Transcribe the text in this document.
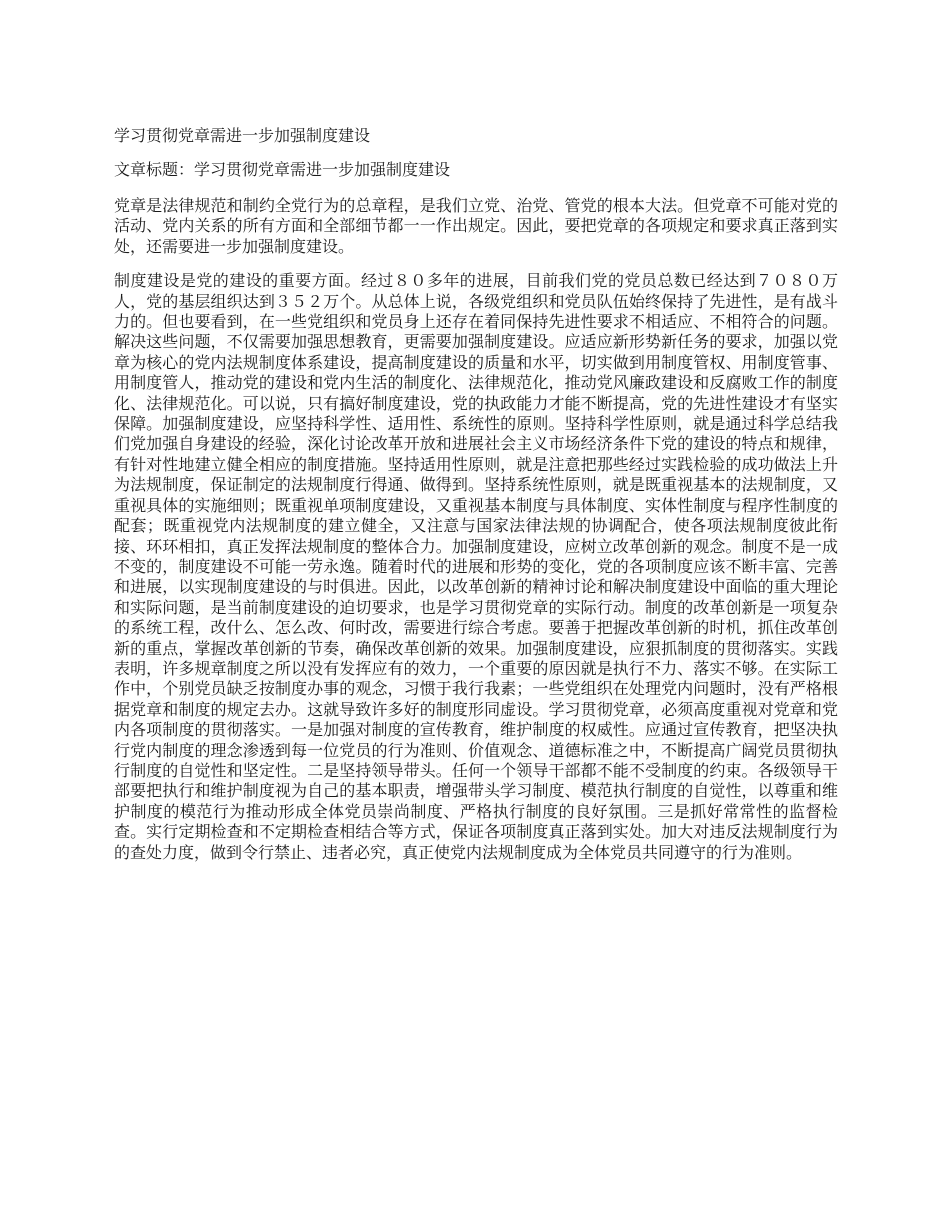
学习贯彻党章需进一步加强制度建设

文章标题：学习贯彻党章需进一步加强制度建设

党章是法律规范和制约全党行为的总章程，是我们立党、治党、管党的根本大法。但党章不可能对党的活动、党内关系的所有方面和全部细节都一一作出规定。因此，要把党章的各项规定和要求真正落到实处，还需要进一步加强制度建设。

制度建设是党的建设的重要方面。经过８０多年的进展，目前我们党的党员总数已经达到７０８０万人，党的基层组织达到３５２万个。从总体上说，各级党组织和党员队伍始终保持了先进性，是有战斗力的。但也要看到，在一些党组织和党员身上还存在着同保持先进性要求不相适应、不相符合的问题。解决这些问题，不仅需要加强思想教育，更需要加强制度建设。应适应新形势新任务的要求，加强以党章为核心的党内法规制度体系建设，提高制度建设的质量和水平，切实做到用制度管权、用制度管事、用制度管人，推动党的建设和党内生活的制度化、法律规范化，推动党风廉政建设和反腐败工作的制度化、法律规范化。可以说，只有搞好制度建设，党的执政能力才能不断提高，党的先进性建设才有坚实保障。加强制度建设，应坚持科学性、适用性、系统性的原则。坚持科学性原则，就是通过科学总结我们党加强自身建设的经验，深化讨论改革开放和进展社会主义市场经济条件下党的建设的特点和规律，有针对性地建立健全相应的制度措施。坚持适用性原则，就是注意把那些经过实践检验的成功做法上升为法规制度，保证制定的法规制度行得通、做得到。坚持系统性原则，就是既重视基本的法规制度，又重视具体的实施细则；既重视单项制度建设，又重视基本制度与具体制度、实体性制度与程序性制度的配套；既重视党内法规制度的建立健全，又注意与国家法律法规的协调配合，使各项法规制度彼此衔接、环环相扣，真正发挥法规制度的整体合力。加强制度建设，应树立改革创新的观念。制度不是一成不变的，制度建设不可能一劳永逸。随着时代的进展和形势的变化，党的各项制度应该不断丰富、完善和进展，以实现制度建设的与时俱进。因此，以改革创新的精神讨论和解决制度建设中面临的重大理论和实际问题，是当前制度建设的迫切要求，也是学习贯彻党章的实际行动。制度的改革创新是一项复杂的系统工程，改什么、怎么改、何时改，需要进行综合考虑。要善于把握改革创新的时机，抓住改革创新的重点，掌握改革创新的节奏，确保改革创新的效果。加强制度建设，应狠抓制度的贯彻落实。实践表明，许多规章制度之所以没有发挥应有的效力，一个重要的原因就是执行不力、落实不够。在实际工作中，个别党员缺乏按制度办事的观念，习惯于我行我素；一些党组织在处理党内问题时，没有严格根据党章和制度的规定去办。这就导致许多好的制度形同虚设。学习贯彻党章，必须高度重视对党章和党内各项制度的贯彻落实。一是加强对制度的宣传教育，维护制度的权威性。应通过宣传教育，把坚决执行党内制度的理念渗透到每一位党员的行为准则、价值观念、道德标准之中，不断提高广阔党员贯彻执行制度的自觉性和坚定性。二是坚持领导带头。任何一个领导干部都不能不受制度的约束。各级领导干部要把执行和维护制度视为自己的基本职责，增强带头学习制度、模范执行制度的自觉性，以尊重和维护制度的模范行为推动形成全体党员崇尚制度、严格执行制度的良好氛围。三是抓好常常性的监督检查。实行定期检查和不定期检查相结合等方式，保证各项制度真正落到实处。加大对违反法规制度行为的查处力度，做到令行禁止、违者必究，真正使党内法规制度成为全体党员共同遵守的行为准则。
